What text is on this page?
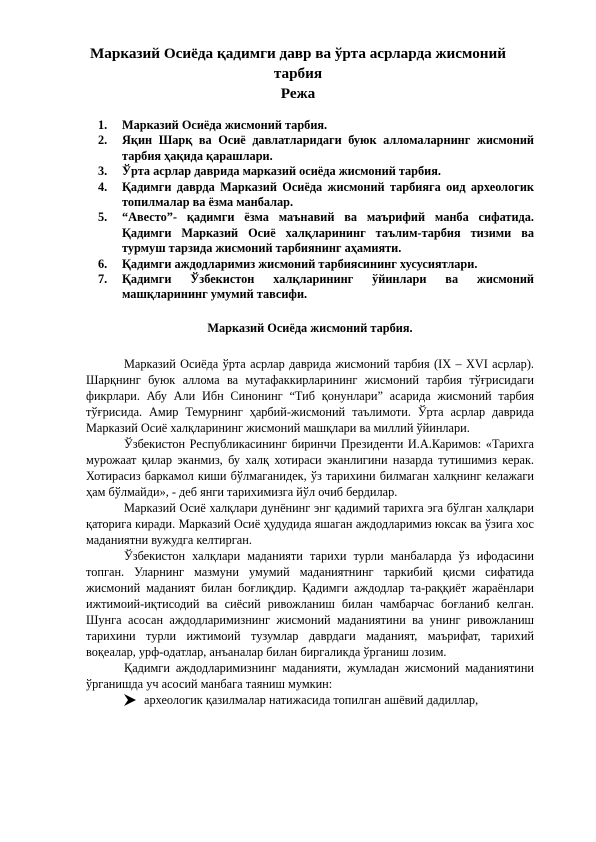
Марказий Осиёда қадимги давр ва ўрта асрларда жисмоний тарбия
Режа
1. Марказий Осиёда жисмоний тарбия.
2. Яқин Шарқ ва Осиё давлатларидаги буюк алломаларнинг жисмоний тарбия ҳақида қарашлари.
3. Ўрта асрлар даврида марказий осиёда жисмоний тарбия.
4. Қадимги даврда Марказий Осиёда жисмоний тарбияга оид археологик топилмалар ва ёзма манбалар.
5. “Авесто”- қадимги ёзма маънавий ва маърифий манба сифатида. Қадимги Марказий Осиё халқларининг таълим-тарбия тизими ва турмуш тарзида жисмоний тарбиянинг аҳамияти.
6. Қадимги аждодларимиз жисмоний тарбиясининг хусусиятлари.
7. Қадимги Ўзбекистон халқларининг ўйинлари ва жисмоний машқларининг умумий тавсифи.
Марказий Осиёда жисмоний тарбия.

Марказий Осиёда ўрта асрлар даврида жисмоний тарбия (IX – XVI асрлар). Шарқнинг буюк алломa ва мутафаккирларининг жисмоний тарбия тўғрисидаги фикрлари. Абу Али Ибн Синонинг “Тиб қонунлари” асарида жисмоний тарбия тўғрисида. Амир Темурнинг ҳарбий-жисмоний таълимоти. Ўрта асрлар даврида Марказий Осиё халқларининг жисмоний машқлари ва миллий ўйинлари.

Ўзбекистон Республикасининг биринчи Президенти И.А.Каримов: «Тарихга мурожаат қилар эканмиз, бу халқ хотираси эканлигини назарда тутишимиз керак. Хотирасиз баркамол киши бўлмаганидек, ўз тарихини билмаган халқнинг келажаги ҳам бўлмайди», - деб янги тарихимизга йўл очиб бердилар.

Марказий Осиё халқлари дунёнинг энг қадимий тарихга эга бўлган халқлари қаторига киради. Марказий Осиё ҳудудида яшаган аждодларимиз юксак ва ўзига хос маданиятни вужудга келтирган.

Ўзбекистон халқлари маданияти тарихи турли манбаларда ўз ифодасини топган. Уларнинг мазмуни умумий маданиятнинг таркибий қисми сифатида жисмоний маданият билан боғлиқдир. Қадимги аждодлар та-раққиёт жараёнлари ижтимоий-иқтисодий ва сиёсий ривожланиш билан чамбарчас боғланиб келган. Шунга асосан аждодларимизнинг жисмоний маданиятини ва унинг ривожланиш тарихини турли ижтимоий тузумлар даврдаги маданият, маърифат, тарихий воқеалар, урф-одатлар, анъаналар билан биргаликда ўрганиш лозим.

Қадимги аждодларимизнинг маданияти, жумладан жисмоний маданиятини ўрганишда уч асосий манбага таяниш мумкин:

археологик қазилмалар натижасида топилган ашёвий дадиллар,
